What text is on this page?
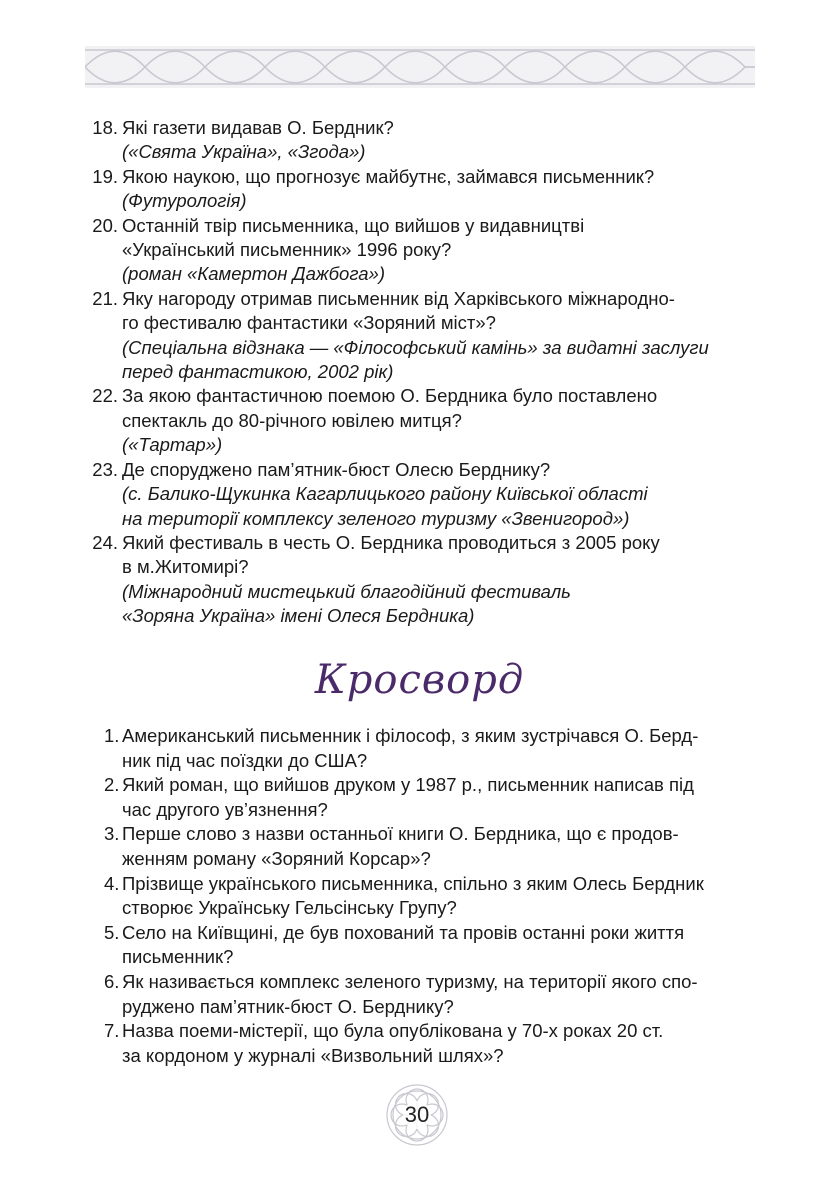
18. Які газети видавав О. Бердник?
(«Свята Україна», «Згода»)
19. Якою наукою, що прогнозує майбутнє, займався письменник?
(Футурологія)
20. Останній твір письменника, що вийшов у видавництві
«Український письменник» 1996 року?
(роман «Камертон Дажбога»)
21. Яку нагороду отримав письменник від Харківського міжнародно-
го фестивалю фантастики «Зоряний міст»?
(Спеціальна відзнака — «Філософський камінь» за видатні заслуги
перед фантастикою, 2002 рік)
22. За якою фантастичною поемою О. Бердника було поставлено
спектакль до 80-річного ювілею митця?
(«Тартар»)
23. Де споруджено пам’ятник-бюст Олесю Берднику?
(с. Балико-Щукинка Кагарлицького району Київської області
на території комплексу зеленого туризму «Звенигород»)
24. Який фестиваль в честь О. Бердника проводиться з 2005 року
в м.Житомирі?
(Міжнародний мистецький благодійний фестиваль
«Зоряна Україна» імені Олеся Бердника)
Кросворд
1. Американський письменник і філософ, з яким зустрічався О. Берд-
ник під час поїздки до США?
2. Який роман, що вийшов друком у 1987 р., письменник написав під
час другого ув’язнення?
3. Перше слово з назви останньої книги О. Бердника, що є продов-
женням роману «Зоряний Корсар»?
4. Прізвище українського письменника, спільно з яким Олесь Бердник
створює Українську Гельсінську Групу?
5. Село на Київщині, де був похований та провів останні роки життя
письменник?
6. Як називається комплекс зеленого туризму, на території якого спо-
руджено пам’ятник-бюст О. Берднику?
7. Назва поеми-містерії, що була опублікована у 70-х роках 20 ст.
за кордоном у журналі «Визвольний шлях»?
30
